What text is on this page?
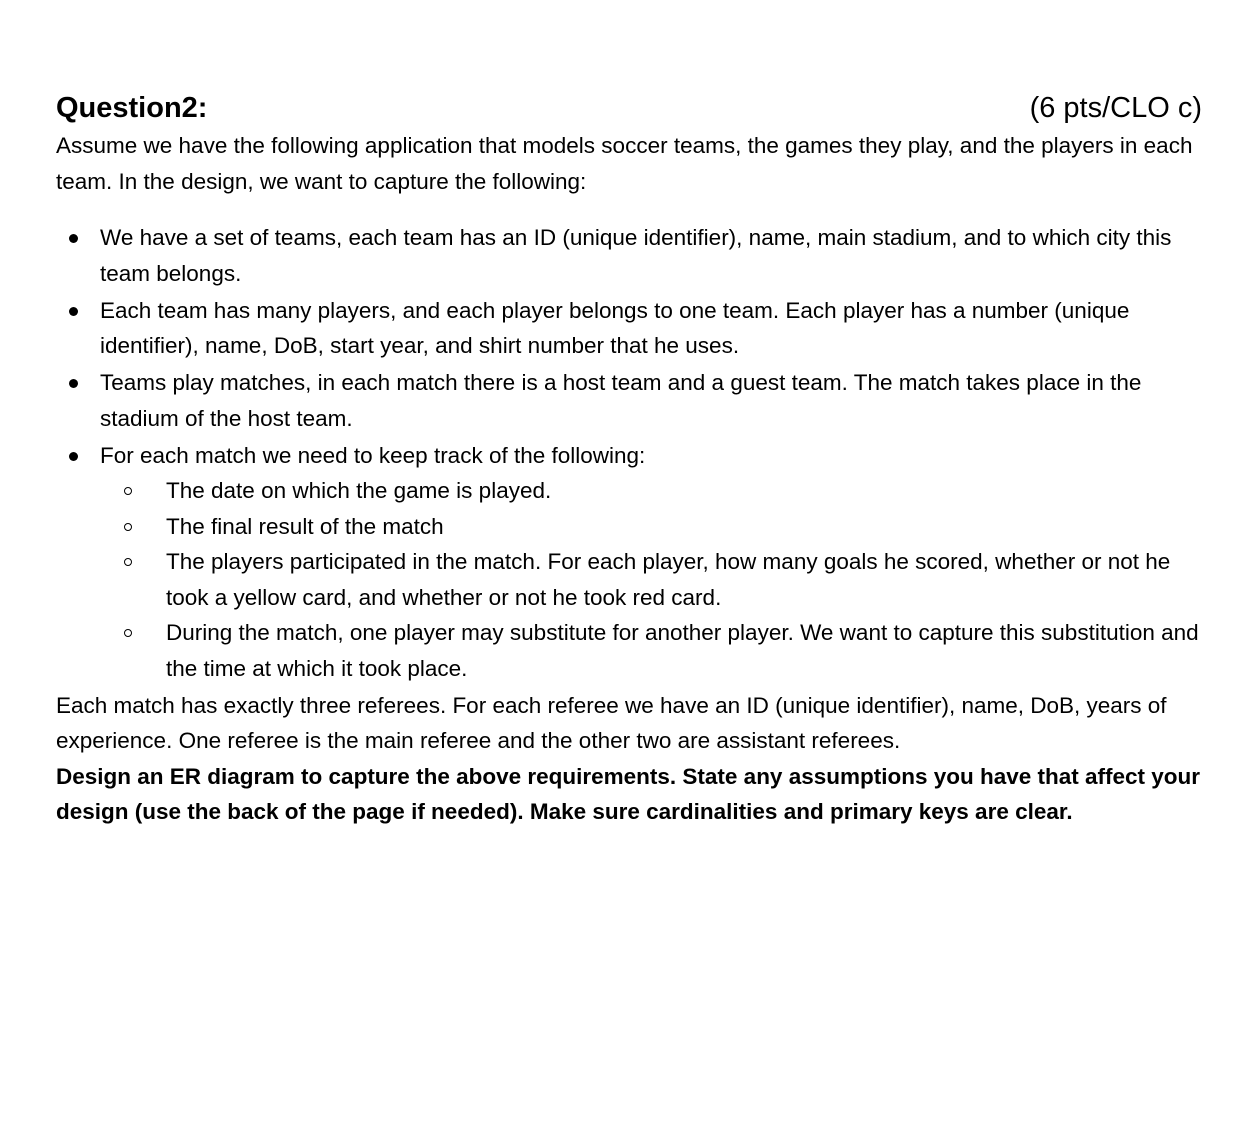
Question2:	(6 pts/CLO c)

Assume we have the following application that models soccer teams, the games they play, and the players in each team. In the design, we want to capture the following:

We have a set of teams, each team has an ID (unique identifier), name, main stadium, and to which city this team belongs.
Each team has many players, and each player belongs to one team. Each player has a number (unique identifier), name, DoB, start year, and shirt number that he uses.
Teams play matches, in each match there is a host team and a guest team. The match takes place in the stadium of the host team.
For each match we need to keep track of the following:
The date on which the game is played.
The final result of the match
The players participated in the match. For each player, how many goals he scored, whether or not he took a yellow card, and whether or not he took red card.
During the match, one player may substitute for another player. We want to capture this substitution and the time at which it took place.

Each match has exactly three referees. For each referee we have an ID (unique identifier), name, DoB, years of experience. One referee is the main referee and the other two are assistant referees.

Design an ER diagram to capture the above requirements. State any assumptions you have that affect your design (use the back of the page if needed). Make sure cardinalities and primary keys are clear.
